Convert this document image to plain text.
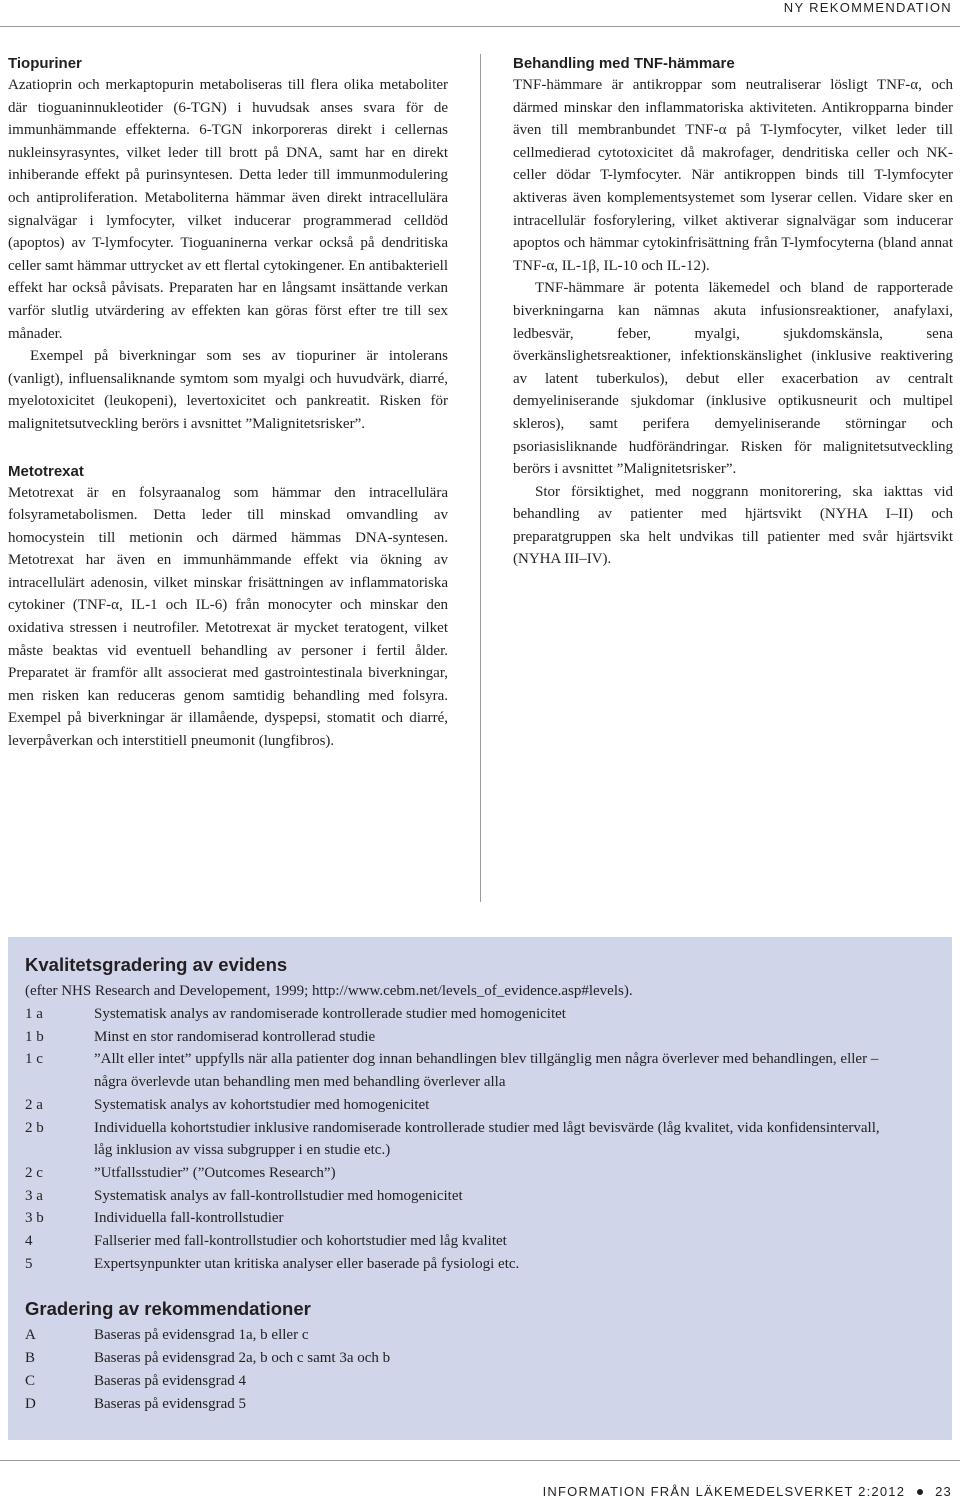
NY REKOMMENDATION
Tiopuriner

Azatioprin och merkaptopurin metaboliseras till flera olika metaboliter där tioguaninnukleotider (6-TGN) i huvudsak anses svara för de immunhämmande effekterna. 6-TGN inkorporeras direkt i cellernas nukleinsyrasyntes, vilket leder till brott på DNA, samt har en direkt inhiberande effekt på purinsyntesen. Detta leder till immunmodulering och antiproliferation. Metaboliterna hämmar även direkt intracellulära signalvägar i lymfocyter, vilket inducerar programmerad celldöd (apoptos) av T-lymfocyter. Tioguaninerna verkar också på dendritiska celler samt hämmar uttrycket av ett flertal cytokingener. En antibakteriell effekt har också påvisats. Preparaten har en långsamt insättande verkan varför slutlig utvärdering av effekten kan göras först efter tre till sex månader.

Exempel på biverkningar som ses av tiopuriner är intolerans (vanligt), influensaliknande symtom som myalgi och huvudvärk, diarré, myelotoxicitet (leukopeni), levertoxicitet och pankreatit. Risken för malignitetsutveckling berörs i avsnittet ”Malignitetsrisker”.

Metotrexat

Metotrexat är en folsyraanalog som hämmar den intracellulära folsyrametabolismen. Detta leder till minskad omvandling av homocystein till metionin och därmed hämmas DNA-syntesen. Metotrexat har även en immunhämmande effekt via ökning av intracellulärt adenosin, vilket minskar frisättningen av inflammatoriska cytokiner (TNF-α, IL-1 och IL-6) från monocyter och minskar den oxidativa stressen i neutrofiler. Metotrexat är mycket teratogent, vilket måste beaktas vid eventuell behandling av personer i fertil ålder. Preparatet är framför allt associerat med gastrointestinala biverkningar, men risken kan reduceras genom samtidig behandling med folsyra. Exempel på biverkningar är illamående, dyspepsi, stomatit och diarré, leverpåverkan och interstitiell pneumonit (lungfibros).

Behandling med TNF-hämmare

TNF-hämmare är antikroppar som neutraliserar lösligt TNF-α, och därmed minskar den inflammatoriska aktiviteten. Antikropparna binder även till membranbundet TNF-α på T-lymfocyter, vilket leder till cellmedierad cytotoxicitet då makrofager, dendritiska celler och NK-celler dödar T-lymfocyter. När antikroppen binds till T-lymfocyter aktiveras även komplementsystemet som lyserar cellen. Vidare sker en intracellulär fosforylering, vilket aktiverar signalvägar som inducerar apoptos och hämmar cytokinfrisättning från T-lymfocyterna (bland annat TNF-α, IL-1β, IL-10 och IL-12).

TNF-hämmare är potenta läkemedel och bland de rapporterade biverkningarna kan nämnas akuta infusionsreaktioner, anafylaxi, ledbesvär, feber, myalgi, sjukdomskänsla, sena överkänslighetsreaktioner, infektionskänslighet (inklusive reaktivering av latent tuberkulos), debut eller exacerbation av centralt demyeliniserande sjukdomar (inklusive optikusneurit och multipel skleros), samt perifera demyeliniserande störningar och psoriasisliknande hudförändringar. Risken för malignitetsutveckling berörs i avsnittet ”Malignitetsrisker”.

Stor försiktighet, med noggrann monitorering, ska iakttas vid behandling av patienter med hjärtsvikt (NYHA I–II) och preparatgruppen ska helt undvikas till patienter med svår hjärtsvikt (NYHA III–IV).

Kvalitetsgradering av evidens

(efter NHS Research and Developement, 1999; http://www.cebm.net/levels_of_evidence.asp#levels).

1 a	Systematisk analys av randomiserade kontrollerade studier med homogenicitet
1 b	Minst en stor randomiserad kontrollerad studie
1 c	”Allt eller intet” uppfylls när alla patienter dog innan behandlingen blev tillgänglig men några överlever med behandlingen, eller – några överlevde utan behandling men med behandling överlever alla
2 a	Systematisk analys av kohortstudier med homogenicitet
2 b	Individuella kohortstudier inklusive randomiserade kontrollerade studier med lågt bevisvärde (låg kvalitet, vida konfidensintervall, låg inklusion av vissa subgrupper i en studie etc.)
2 c	”Utfallsstudier” (”Outcomes Research”)
3 a	Systematisk analys av fall-kontrollstudier med homogenicitet
3 b	Individuella fall-kontrollstudier
4	Fallserier med fall-kontrollstudier och kohortstudier med låg kvalitet
5	Expertsynpunkter utan kritiska analyser eller baserade på fysiologi etc.
Gradering av rekommendationer
A	Baseras på evidensgrad 1a, b eller c
B	Baseras på evidensgrad 2a, b och c samt 3a och b
C	Baseras på evidensgrad 4
D	Baseras på evidensgrad 5
INFORMATION FRÅN LÄKEMEDELSVERKET 2:2012 23
